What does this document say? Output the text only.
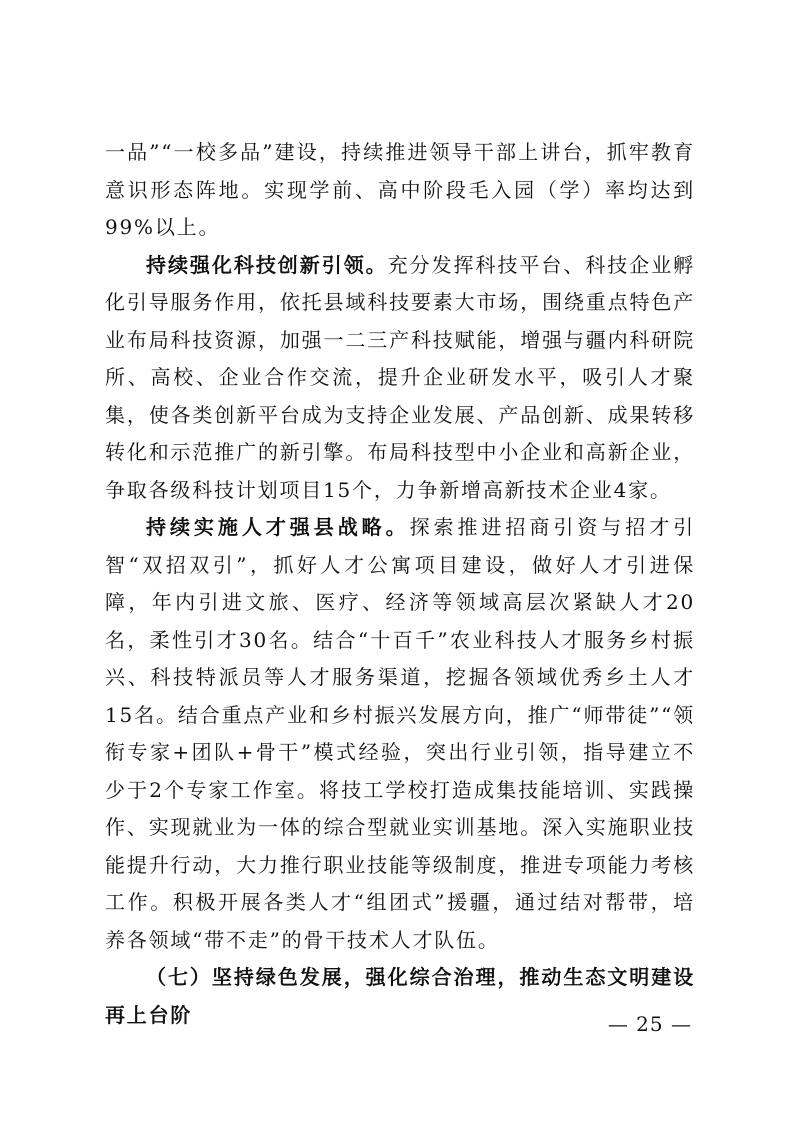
一品”“一校多品”建设，持续推进领导干部上讲台，抓牢教育意识形态阵地。实现学前、高中阶段毛入园（学）率均达到99%以上。

持续强化科技创新引领。充分发挥科技平台、科技企业孵化引导服务作用，依托县域科技要素大市场，围绕重点特色产业布局科技资源，加强一二三产科技赋能，增强与疆内科研院所、高校、企业合作交流，提升企业研发水平，吸引人才聚集，使各类创新平台成为支持企业发展、产品创新、成果转移转化和示范推广的新引擎。布局科技型中小企业和高新企业，争取各级科技计划项目15个，力争新增高新技术企业4家。

持续实施人才强县战略。探索推进招商引资与招才引智“双招双引”，抓好人才公寓项目建设，做好人才引进保障，年内引进文旅、医疗、经济等领域高层次紧缺人才20名，柔性引才30名。结合“十百千”农业科技人才服务乡村振兴、科技特派员等人才服务渠道，挖掘各领域优秀乡土人才15名。结合重点产业和乡村振兴发展方向，推广“师带徒”“领衔专家+团队+骨干”模式经验，突出行业引领，指导建立不少于2个专家工作室。将技工学校打造成集技能培训、实践操作、实现就业为一体的综合型就业实训基地。深入实施职业技能提升行动，大力推行职业技能等级制度，推进专项能力考核工作。积极开展各类人才“组团式”援疆，通过结对帮带，培养各领域“带不走”的骨干技术人才队伍。

（七）坚持绿色发展，强化综合治理，推动生态文明建设再上台阶	— 25 —
